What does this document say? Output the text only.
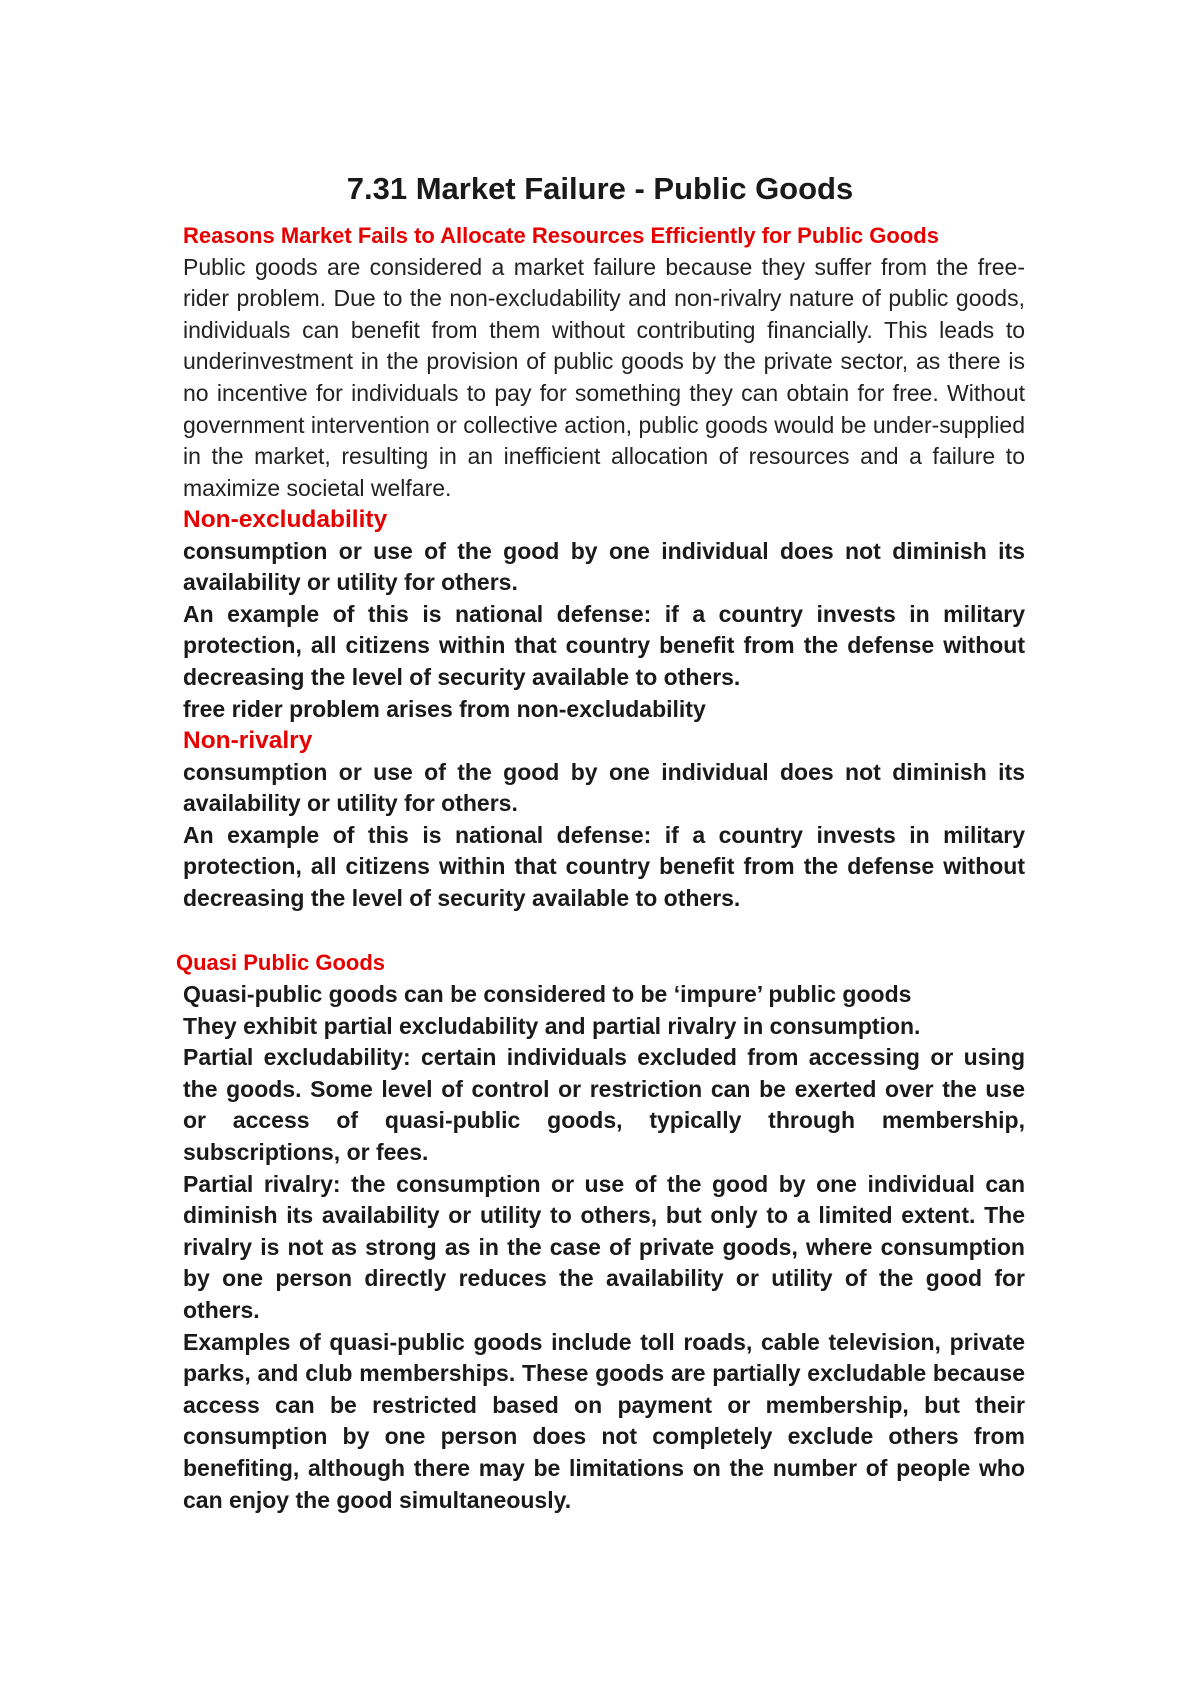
7.31 Market Failure - Public Goods

Reasons Market Fails to Allocate Resources Efficiently for Public Goods

Public goods are considered a market failure because they suffer from the free-rider problem. Due to the non-excludability and non-rivalry nature of public goods, individuals can benefit from them without contributing financially. This leads to underinvestment in the provision of public goods by the private sector, as there is no incentive for individuals to pay for something they can obtain for free. Without government intervention or collective action, public goods would be under-supplied in the market, resulting in an inefficient allocation of resources and a failure to maximize societal welfare.

Non-excludability

consumption or use of the good by one individual does not diminish its availability or utility for others.

An example of this is national defense: if a country invests in military protection, all citizens within that country benefit from the defense without decreasing the level of security available to others.

free rider problem arises from non-excludability

Non-rivalry

consumption or use of the good by one individual does not diminish its availability or utility for others.

An example of this is national defense: if a country invests in military protection, all citizens within that country benefit from the defense without decreasing the level of security available to others.

Quasi Public Goods

Quasi-public goods can be considered to be ‘impure’ public goods

They exhibit partial excludability and partial rivalry in consumption.

Partial excludability: certain individuals excluded from accessing or using the goods. Some level of control or restriction can be exerted over the use or access of quasi-public goods, typically through membership, subscriptions, or fees.

Partial rivalry: the consumption or use of the good by one individual can diminish its availability or utility to others, but only to a limited extent. The rivalry is not as strong as in the case of private goods, where consumption by one person directly reduces the availability or utility of the good for others.

Examples of quasi-public goods include toll roads, cable television, private parks, and club memberships. These goods are partially excludable because access can be restricted based on payment or membership, but their consumption by one person does not completely exclude others from benefiting, although there may be limitations on the number of people who can enjoy the good simultaneously.
